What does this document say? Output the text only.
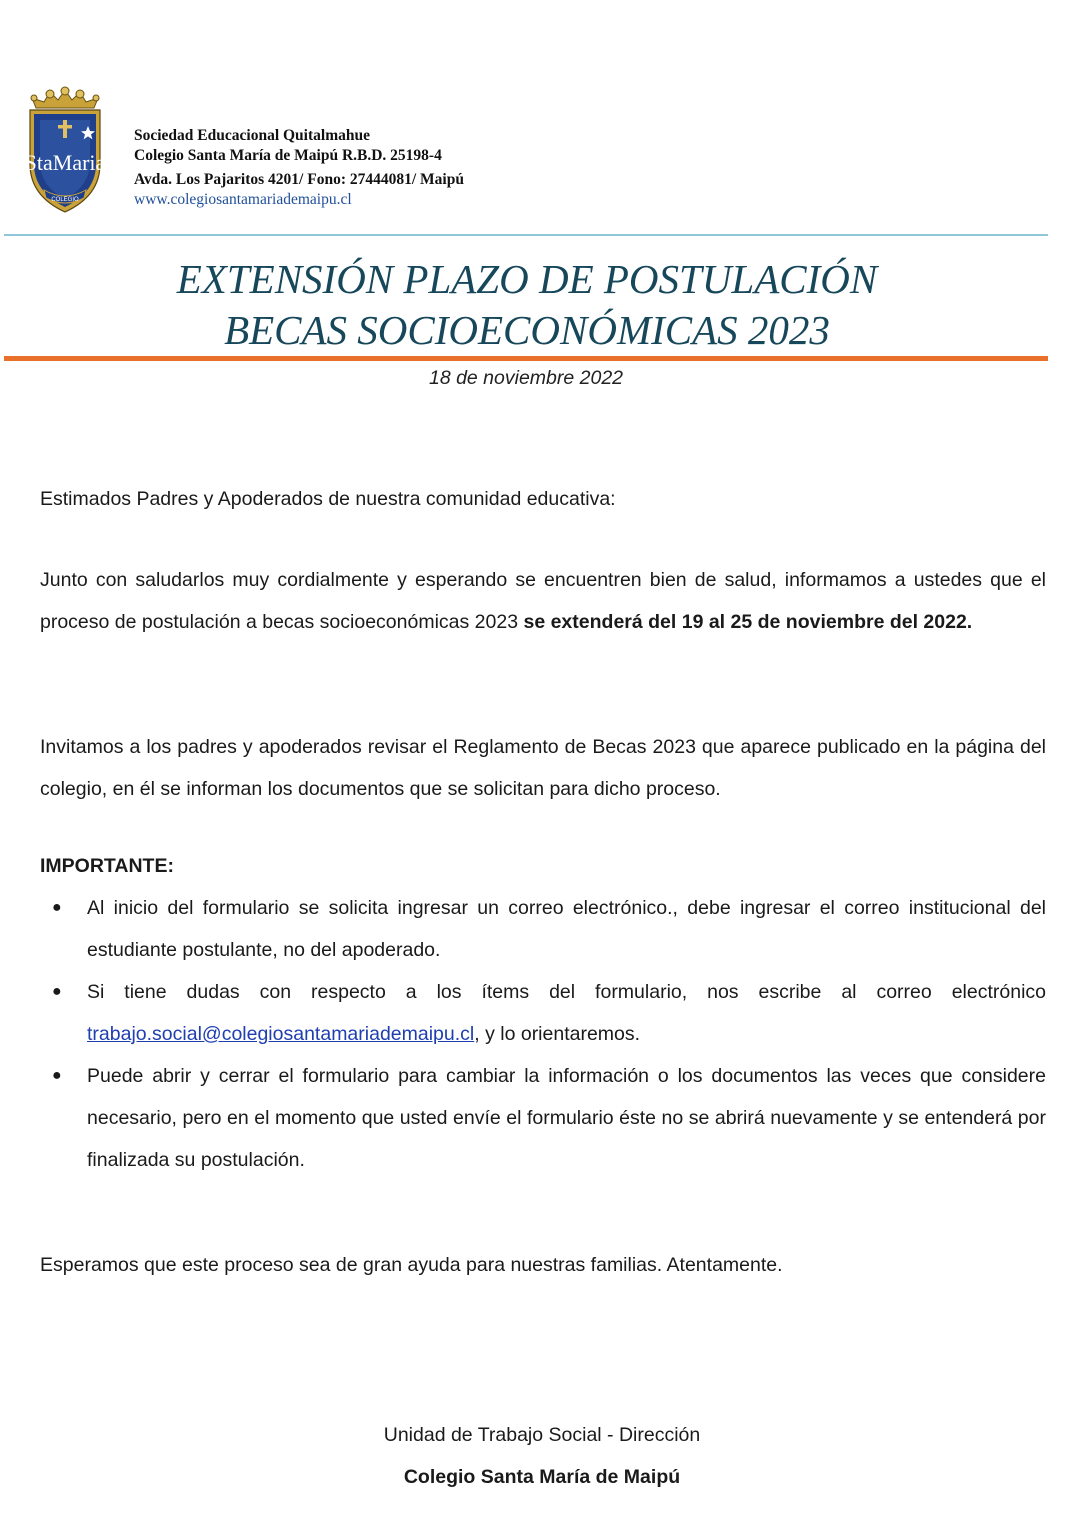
StaMaria
COLEGIO
Sociedad Educacional Quitalmahue
Colegio Santa María de Maipú R.B.D. 25198-4
Avda. Los Pajaritos 4201/ Fono: 27444081/ Maipú
www.colegiosantamariademaipu.cl
EXTENSIÓN PLAZO DE POSTULACIÓN
BECAS SOCIOECONÓMICAS 2023
18 de noviembre 2022

Estimados Padres y Apoderados de nuestra comunidad educativa:

Junto con saludarlos muy cordialmente y esperando se encuentren bien de salud, informamos a ustedes que el proceso de postulación a becas socioeconómicas 2023 se extenderá del 19 al 25 de noviembre del 2022.

Invitamos a los padres y apoderados revisar el Reglamento de Becas 2023 que aparece publicado en la página del colegio, en él se informan los documentos que se solicitan para dicho proceso.

IMPORTANTE:
● Al inicio del formulario se solicita ingresar un correo electrónico., debe ingresar el correo institucional del estudiante postulante, no del apoderado.
● Si tiene dudas con respecto a los ítems del formulario, nos escribe al correo electrónico trabajo.social@colegiosantamariademaipu.cl, y lo orientaremos.
● Puede abrir y cerrar el formulario para cambiar la información o los documentos las veces que considere necesario, pero en el momento que usted envíe el formulario éste no se abrirá nuevamente y se entenderá por finalizada su postulación.

Esperamos que este proceso sea de gran ayuda para nuestras familias. Atentamente.

Unidad de Trabajo Social - Dirección
Colegio Santa María de Maipú
